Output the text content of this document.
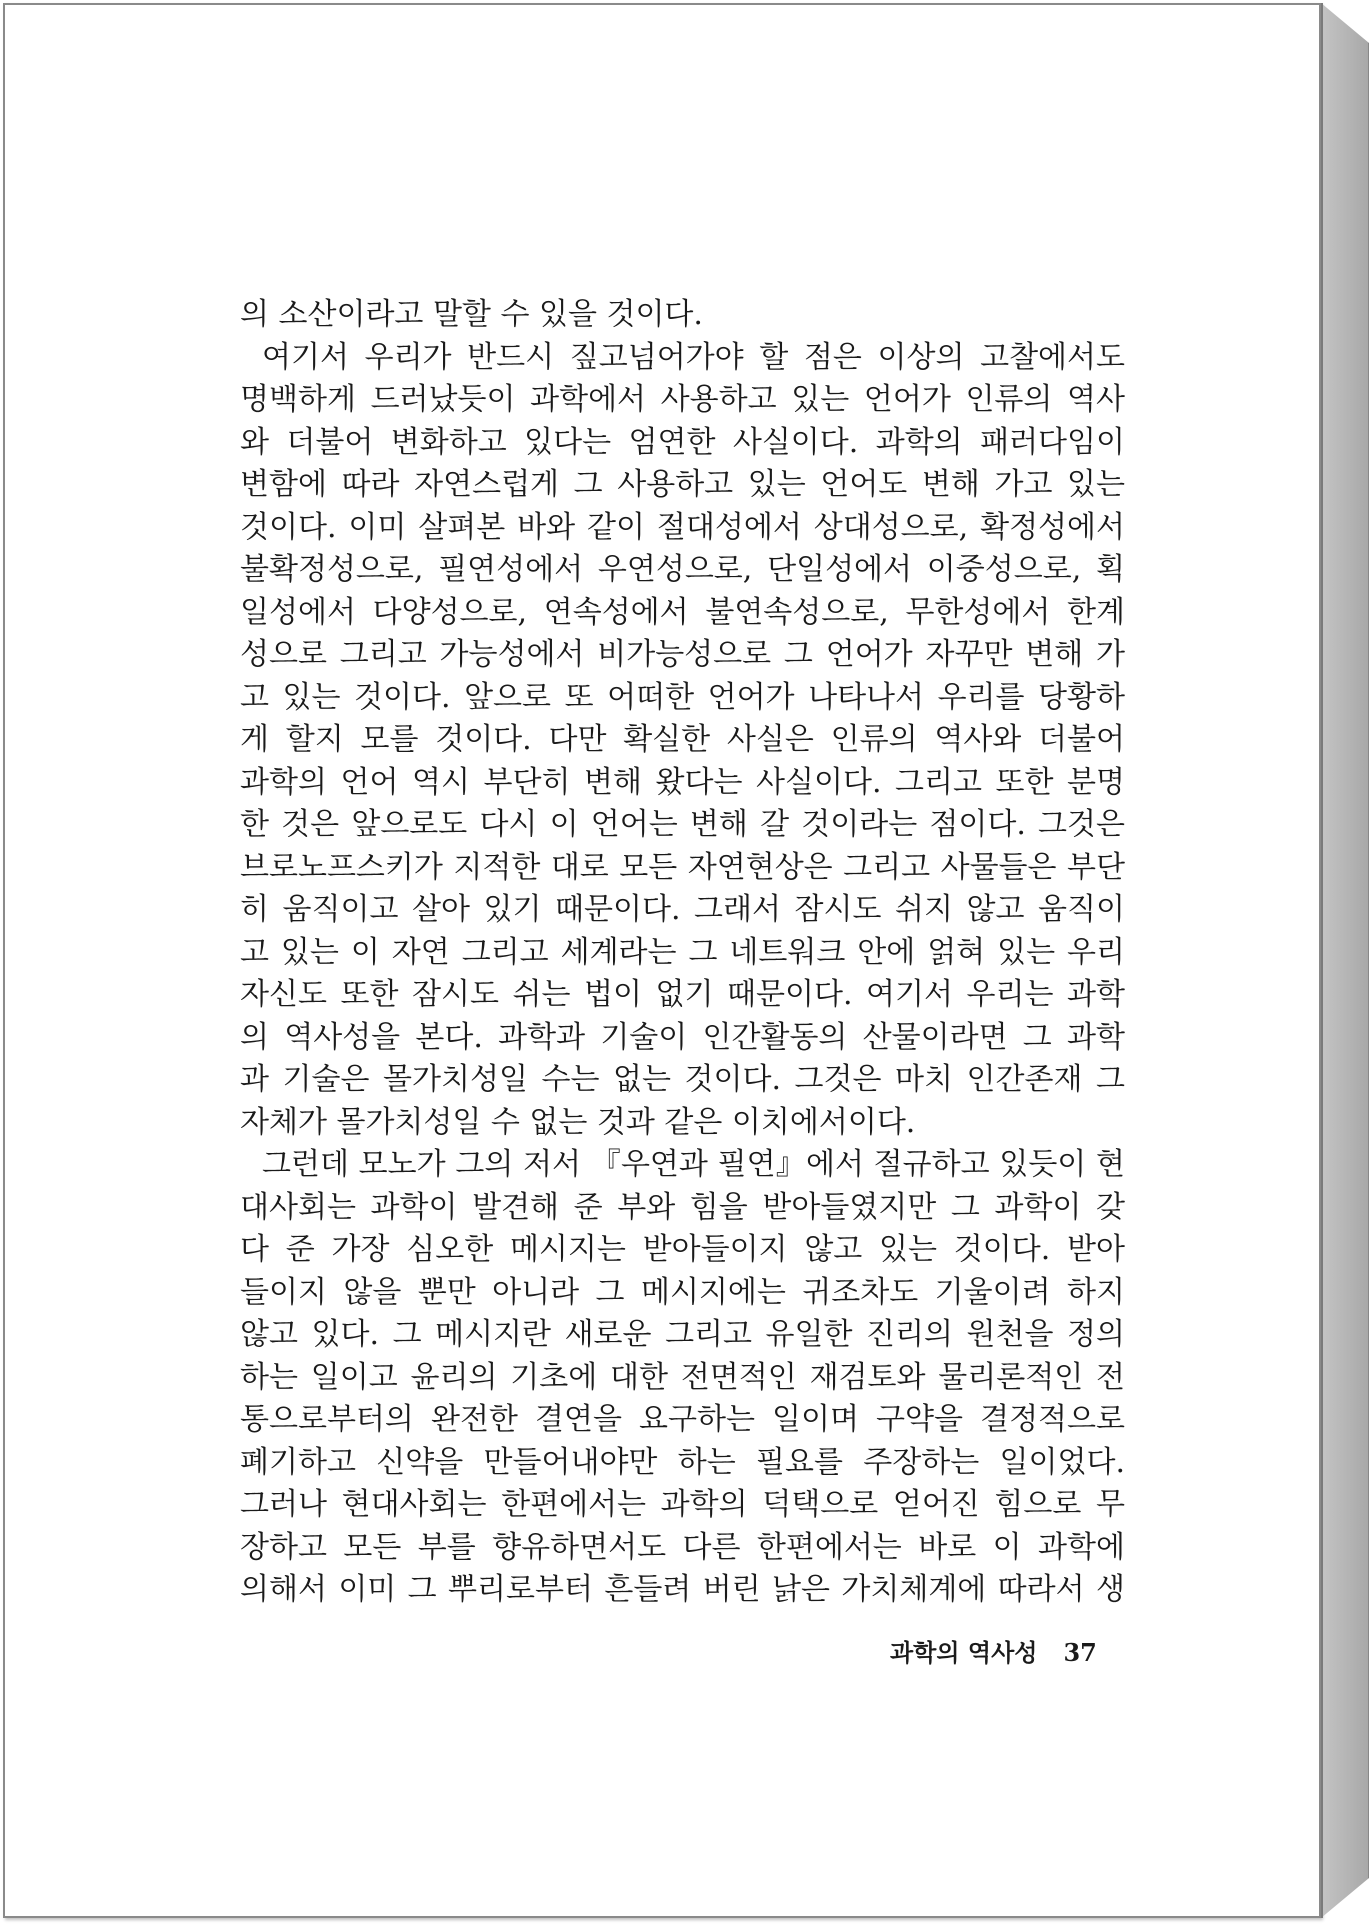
의 소산이라고 말할 수 있을 것이다.
여기서 우리가 반드시 짚고넘어가야 할 점은 이상의 고찰에서도
명백하게 드러났듯이 과학에서 사용하고 있는 언어가 인류의 역사
와 더불어 변화하고 있다는 엄연한 사실이다. 과학의 패러다임이
변함에 따라 자연스럽게 그 사용하고 있는 언어도 변해 가고 있는
것이다. 이미 살펴본 바와 같이 절대성에서 상대성으로, 확정성에서
불확정성으로, 필연성에서 우연성으로, 단일성에서 이중성으로, 획
일성에서 다양성으로, 연속성에서 불연속성으로, 무한성에서 한계
성으로 그리고 가능성에서 비가능성으로 그 언어가 자꾸만 변해 가
고 있는 것이다. 앞으로 또 어떠한 언어가 나타나서 우리를 당황하
게 할지 모를 것이다. 다만 확실한 사실은 인류의 역사와 더불어
과학의 언어 역시 부단히 변해 왔다는 사실이다. 그리고 또한 분명
한 것은 앞으로도 다시 이 언어는 변해 갈 것이라는 점이다. 그것은
브로노프스키가 지적한 대로 모든 자연현상은 그리고 사물들은 부단
히 움직이고 살아 있기 때문이다. 그래서 잠시도 쉬지 않고 움직이
고 있는 이 자연 그리고 세계라는 그 네트워크 안에 얽혀 있는 우리
자신도 또한 잠시도 쉬는 법이 없기 때문이다. 여기서 우리는 과학
의 역사성을 본다. 과학과 기술이 인간활동의 산물이라면 그 과학
과 기술은 몰가치성일 수는 없는 것이다. 그것은 마치 인간존재 그
자체가 몰가치성일 수 없는 것과 같은 이치에서이다.
그런데 모노가 그의 저서 『우연과 필연』에서 절규하고 있듯이 현
대사회는 과학이 발견해 준 부와 힘을 받아들였지만 그 과학이 갖
다 준 가장 심오한 메시지는 받아들이지 않고 있는 것이다. 받아
들이지 않을 뿐만 아니라 그 메시지에는 귀조차도 기울이려 하지
않고 있다. 그 메시지란 새로운 그리고 유일한 진리의 원천을 정의
하는 일이고 윤리의 기초에 대한 전면적인 재검토와 물리론적인 전
통으로부터의 완전한 결연을 요구하는 일이며 구약을 결정적으로
폐기하고 신약을 만들어내야만 하는 필요를 주장하는 일이었다.
그러나 현대사회는 한편에서는 과학의 덕택으로 얻어진 힘으로 무
장하고 모든 부를 향유하면서도 다른 한편에서는 바로 이 과학에
의해서 이미 그 뿌리로부터 흔들려 버린 낡은 가치체계에 따라서 생
과학의 역사성 37
